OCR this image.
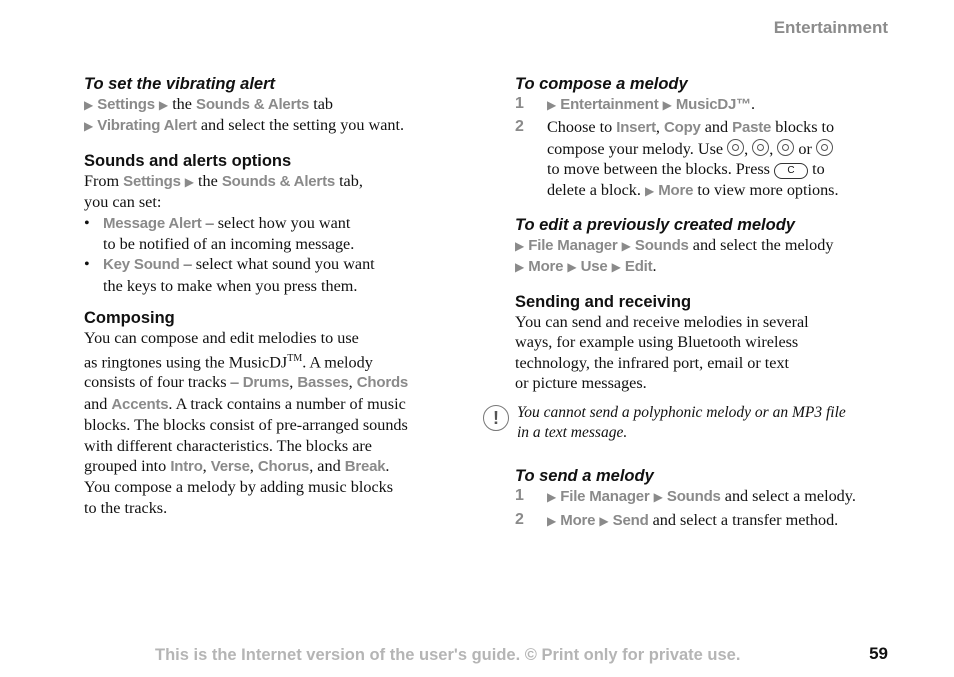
Entertainment

To set the vibrating alert

▶ Settings ▶ the Sounds & Alerts tab

▶ Vibrating Alert and select the setting you want.

Sounds and alerts options

From Settings ▶ the Sounds & Alerts tab,
you can set:

• Message Alert – select how you want
to be notified of an incoming message.
• Key Sound – select what sound you want
the keys to make when you press them.

Composing

You can compose and edit melodies to use
as ringtones using the MusicDJ™. A melody
consists of four tracks – Drums, Basses, Chords
and Accents. A track contains a number of music
blocks. The blocks consist of pre-arranged sounds
with different characteristics. The blocks are
grouped into Intro, Verse, Chorus, and Break.
You compose a melody by adding music blocks
to the tracks.

To compose a melody

1	▶ Entertainment ▶ MusicDJ™.
2	Choose to Insert, Copy and Paste blocks to
compose your melody. Use , ,  or
to move between the blocks. Press C to
delete a block. ▶ More to view more options.

To edit a previously created melody

▶ File Manager ▶ Sounds and select the melody
▶ More ▶ Use ▶ Edit.

Sending and receiving

You can send and receive melodies in several
ways, for example using Bluetooth wireless
technology, the infrared port, email or text
or picture messages.

!	You cannot send a polyphonic melody or an MP3 file
in a text message.

To send a melody

1	▶ File Manager ▶ Sounds and select a melody.
2	▶ More ▶ Send and select a transfer method.
This is the Internet version of the user's guide. © Print only for private use.	59
